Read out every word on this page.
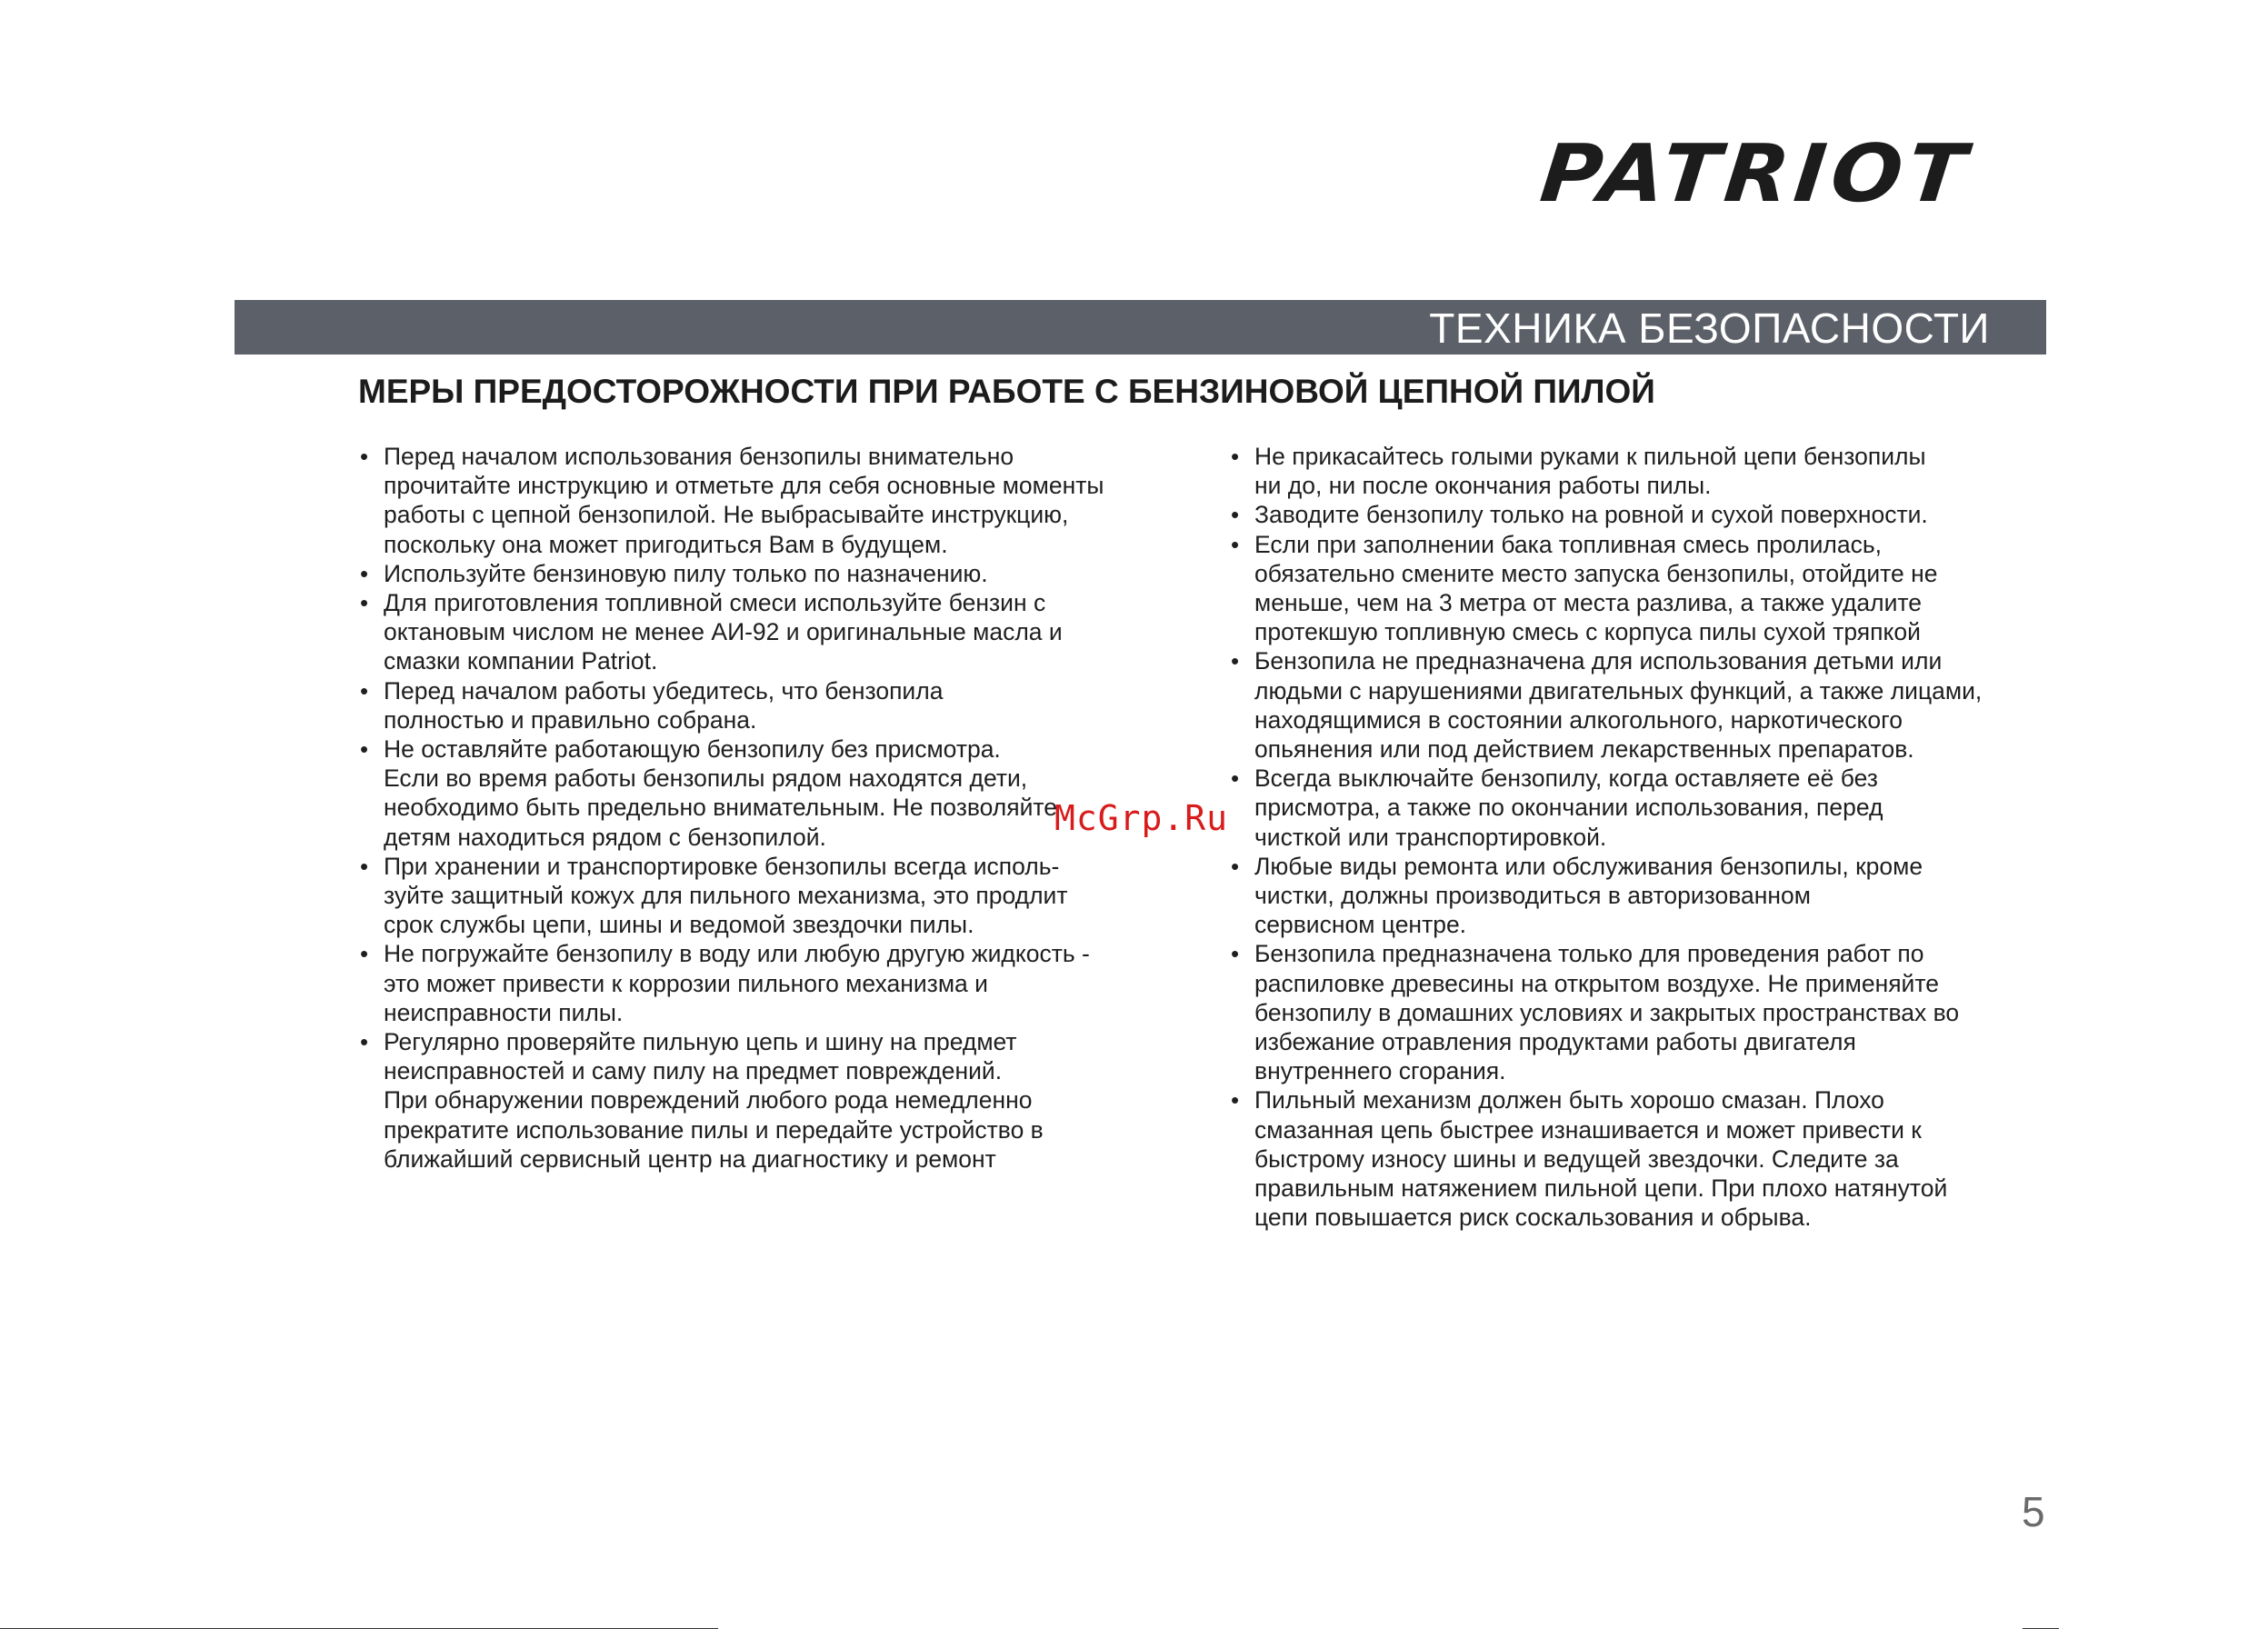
PATRIOT
ТЕХНИКА БЕЗОПАСНОСТИ
МЕРЫ ПРЕДОСТОРОЖНОСТИ ПРИ РАБОТЕ С БЕНЗИНОВОЙ ЦЕПНОЙ ПИЛОЙ
• Перед началом использования бензопилы внимательно
прочитайте инструкцию и отметьте для себя основные моменты
работы с цепной бензопилой. Не выбрасывайте инструкцию,
поскольку она может пригодиться Вам в будущем.
• Используйте бензиновую пилу только по назначению.
• Для приготовления топливной смеси используйте бензин с
октановым числом не менее АИ-92 и оригинальные масла и
смазки компании Patriot.
• Перед началом работы убедитесь, что бензопила
полностью и правильно собрана.
• Не оставляйте работающую бензопилу без присмотра.
Если во время работы бензопилы рядом находятся дети,
необходимо быть предельно внимательным. Не позволяйте
детям находиться рядом с бензопилой.
• При хранении и транспортировке бензопилы всегда исполь-
зуйте защитный кожух для пильного механизма, это продлит
срок службы цепи, шины и ведомой звездочки пилы.
• Не погружайте бензопилу в воду или любую другую жидкость -
это может привести к коррозии пильного механизма и
неисправности пилы.
• Регулярно проверяйте пильную цепь и шину на предмет
неисправностей и саму пилу на предмет повреждений.
При обнаружении повреждений любого рода немедленно
прекратите использование пилы и передайте устройство в
ближайший сервисный центр на диагностику и ремонт
• Не прикасайтесь голыми руками к пильной цепи бензопилы
ни до, ни после окончания работы пилы.
• Заводите бензопилу только на ровной и сухой поверхности.
• Если при заполнении бака топливная смесь пролилась,
обязательно смените место запуска бензопилы, отойдите не
меньше, чем на 3 метра от места разлива, а также удалите
протекшую топливную смесь с корпуса пилы сухой тряпкой
• Бензопила не предназначена для использования детьми или
людьми с нарушениями двигательных функций, а также лицами,
находящимися в состоянии алкогольного, наркотического
опьянения или под действием лекарственных препаратов.
• Всегда выключайте бензопилу, когда оставляете её без
присмотра, а также по окончании использования, перед
чисткой или транспортировкой.
• Любые виды ремонта или обслуживания бензопилы, кроме
чистки, должны производиться в авторизованном
сервисном центре.
• Бензопила предназначена только для проведения работ по
распиловке древесины на открытом воздухе. Не применяйте
бензопилу в домашних условиях и закрытых пространствах во
избежание отравления продуктами работы двигателя
внутреннего сгорания.
• Пильный механизм должен быть хорошо смазан. Плохо
смазанная цепь быстрее изнашивается и может привести к
быстрому износу шины и ведущей звездочки. Следите за
правильным натяжением пильной цепи. При плохо натянутой
цепи повышается риск соскальзования и обрыва.
McGrp.Ru
5
